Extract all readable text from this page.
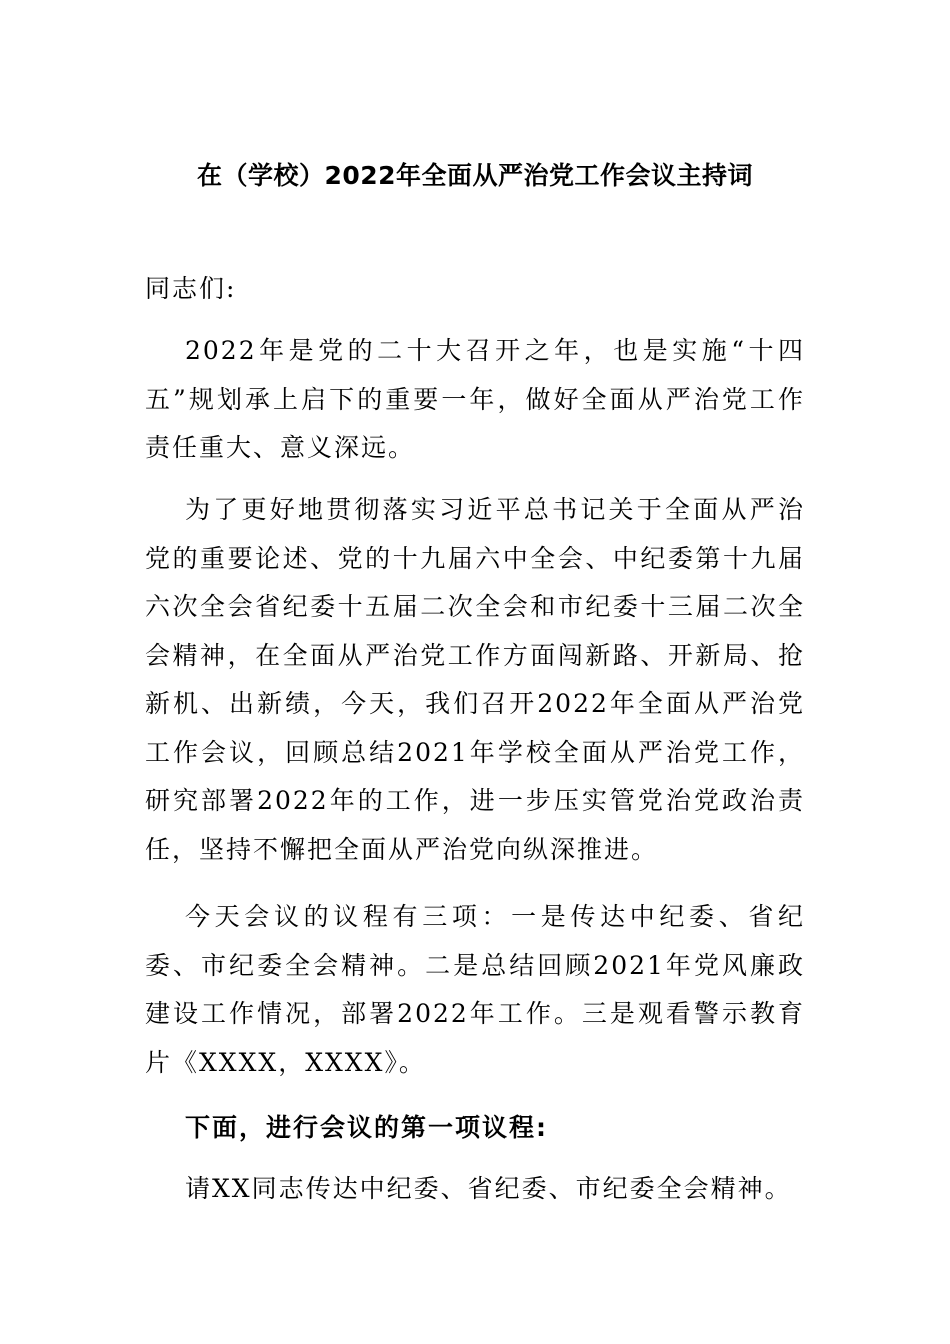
在（学校）2022年全面从严治党工作会议主持词
同志们:
2022年是党的二十大召开之年，也是实施“十四五”规划承上启下的重要一年，做好全面从严治党工作责任重大、意义深远。
为了更好地贯彻落实习近平总书记关于全面从严治党的重要论述、党的十九届六中全会、中纪委第十九届六次全会省纪委十五届二次全会和市纪委十三届二次全会精神，在全面从严治党工作方面闯新路、开新局、抢新机、出新绩，今天，我们召开2022年全面从严治党工作会议，回顾总结2021年学校全面从严治党工作，研究部署2022年的工作，进一步压实管党治党政治责任，坚持不懈把全面从严治党向纵深推进。
今天会议的议程有三项：一是传达中纪委、省纪委、市纪委全会精神。二是总结回顾2021年党风廉政建设工作情况，部署2022年工作。三是观看警示教育片《XXXX，XXXX》。
下面，进行会议的第一项议程:
请XX同志传达中纪委、省纪委、市纪委全会精神。
